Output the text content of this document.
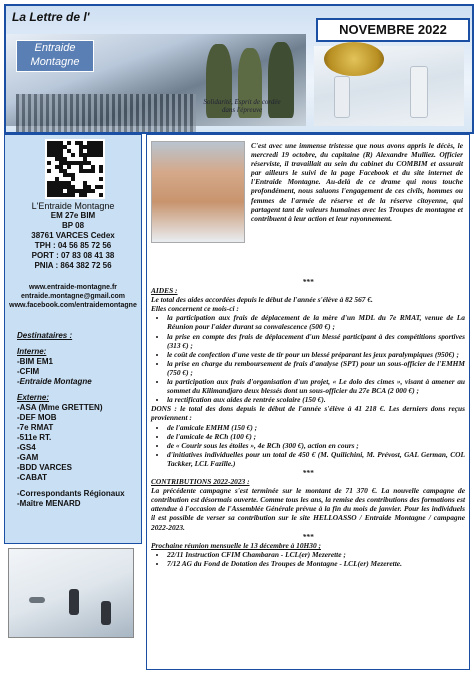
La Lettre de l'
Entraide
Montagne
Solidarité, Esprit de cordée dans l'épreuve
NOVEMBRE 2022
L'Entraide Montagne
EM 27e BIM
BP 08
38761 VARCES Cedex
TPH : 04 56 85 72 56
PORT : 07 83 08 41 38
PNIA : 864 382 72 56
www.entraide-montagne.fr
entraide.montagne@gmail.com
www.facebook.com/entraidemontagne
Destinataires :
Interne:
-BIM EM1
-CFIM
-Entraide Montagne
Externe:
-ASA (Mme GRETTEN)
-DEF MOB
-7e RMAT
-511e RT.
-GS4
-GAM
-BDD VARCES
-CABAT
-Correspondants Régionaux
-Maître MENARD
C'est avec une immense tristesse que nous avons appris le décès, le mercredi 19 octobre, du capitaine (R) Alexandre Mulliez. Officier réserviste, il travaillait au sein du cabinet du COMBIM et assurait par ailleurs le suivi de la page Facebook et du site internet de l'Entraide Montagne. Au-delà de ce drame qui nous touche profondément, nous saluons l'engagement de ces civils, hommes ou femmes de l'armée de réserve et de la réserve citoyenne, qui partagent tant de valeurs humaines avec les Troupes de montagne et contribuent à leur action et leur rayonnement.
***

AIDES :

Le total des aides accordées depuis le début de l'année s'élève à 82 567 €.

Elles concernent ce mois-ci :

• la participation aux frais de déplacement de la mère d'un MDL du 7e RMAT, venue de La Réunion pour l'aider durant sa convalescence (500 €) ;
• la prise en compte des frais de déplacement d'un blessé participant à des compétitions sportives (313 €) ;
• le coût de confection d'une veste de tir pour un blessé préparant les jeux paralympiques (950€) ;
• la prise en charge du remboursement de frais d'analyse (SPT) pour un sous-officier de l'EMHM (750 €) ;
• la participation aux frais d'organisation d'un projet, « Le dolo des cimes », visant à amener au sommet du Kilimandjaro deux blessés dont un sous-officier du 27e BCA (2 000 €) ;
• la rectification aux aides de rentrée scolaire (150 €).

DONS : le total des dons depuis le début de l'année s'élève à 41 218 €. Les derniers dons reçus proviennent :

• de l'amicale EMHM (150 €) ;
• de l'amicale 4e RCh (100 €) ;
• de « Courir sous les étoiles », 4e RCh (300 €), action en cours ;
• d'initiatives individuelles pour un total de 450 € (M. Quilichini, M. Prévost, GAL German, COL Tackker, LCL Fazille.)
***

CONTRIBUTIONS 2022-2023 :

La précédente campagne s'est terminée sur le montant de 71 370 €. La nouvelle campagne de contribution est désormais ouverte. Comme tous les ans, la remise des contributions des formations est attendue à l'occasion de l'Assemblée Générale prévue à la fin du mois de janvier. Pour les individuels il est possible de verser sa contribution sur le site HELLOASSO / Entraide Montagne / campagne 2022-2023.

***

Prochaine réunion mensuelle le 13 décembre à 10H30 ;

• 22/11 Instruction CFIM Chambaran - LCL(er) Mezerette ;
• 7/12 AG du Fond de Dotation des Troupes de Montagne - LCL(er) Mezerette.
